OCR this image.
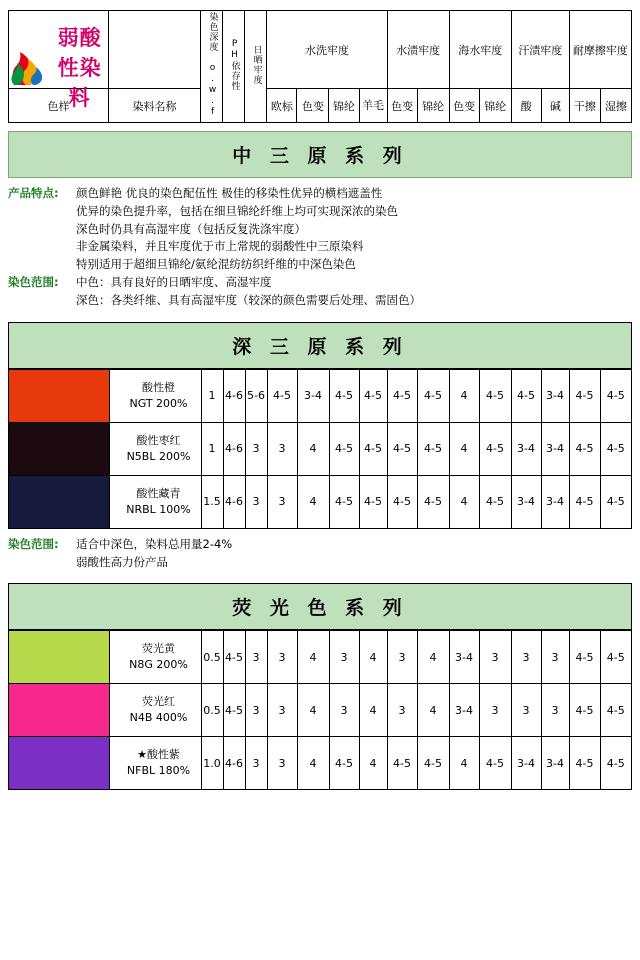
弱酸性染料		染色深度 o.w.f	PH依存性	日晒牢度	水洗牢度				水渍牢度		海水牢度		汗渍牢度		耐摩擦牢度	
					欧标	色变	锦纶	羊毛	色变	锦纶	色变	锦纶	酸	碱	干擦	湿擦
色样	染料名称
中 三 原 系 列
产品特点:	颜色鲜艳 优良的染色配伍性 极佳的移染性优异的横档遮盖性
优异的染色提升率，包括在细旦锦纶纤维上均可实现深浓的染色
深色时仍具有高湿牢度（包括反复洗涤牢度）
非金属染料，并且牢度优于市上常规的弱酸性中三原染料
特别适用于超细旦锦纶/氨纶混纺纺织纤维的中深色染色
染色范围:	中色：具有良好的日晒牢度、高湿牢度
深色：各类纤维、具有高湿牢度（较深的颜色需要后处理、需固色）
深 三 原 系 列
	酸性橙
NGT 200%	1	4-6	5-6	4-5	3-4	4-5	4-5	4-5	4-5	4	4-5	4-5	3-4	4-5	4-5

	酸性枣红
N5BL 200%	1	4-6	3	3	4	4-5	4-5	4-5	4-5	4	4-5	3-4	3-4	4-5	4-5

	酸性藏青
NRBL 100%	1.5	4-6	3	3	4	4-5	4-5	4-5	4-5	4	4-5	3-4	3-4	4-5	4-5
染色范围:	适合中深色，染料总用量2-4%
弱酸性高力份产品
荧 光 色 系 列
	荧光黄
N8G 200%	0.5	4-5	3	3	4	3	4	3	4	3-4	3	3	3	4-5	4-5

	荧光红
N4B 400%	0.5	4-5	3	3	4	3	4	3	4	3-4	3	3	3	4-5	4-5

	★酸性紫
NFBL 180%	1.0	4-6	3	3	4	4-5	4	4-5	4-5	4	4-5	3-4	3-4	4-5	4-5
